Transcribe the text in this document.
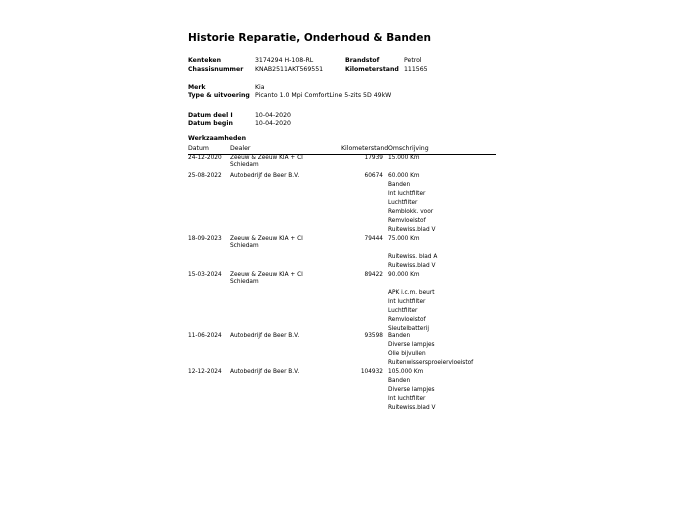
Historie Reparatie, Onderhoud & Banden
Kenteken	3174294 H-108-RL	Brandstof	Petrol
Chassisnummer KNAB2511AKT569551	Kilometerstand 111565
Merk	Kia
Type & uitvoering Picanto 1.0 Mpi ComfortLine 5-zits 5D 49kW
Datum deel I	10-04-2020
Datum begin	10-04-2020
Werkzaamheden
Datum	Dealer	Kilometerstand Omschrijving
24-12-2020 Zeeuw & Zeeuw KIA + CI
Schiedam
17939 15.000 Km
25-08-2022 Autobedrijf de Beer B.V.	60674 60.000 Km
Banden
Int luchtfilter
Luchtfilter
Remblokk. voor
Remvloeistof
Ruitewiss.blad V
18-09-2023 Zeeuw & Zeeuw KIA + CI
Schiedam
79444 75.000 Km
Ruitewiss. blad A
Ruitewiss.blad V
15-03-2024 Zeeuw & Zeeuw KIA + CI
Schiedam
89422 90.000 Km
APK i.c.m. beurt
Int luchtfilter
Luchtfilter
Remvloeistof
Sleutelbatterij
11-06-2024 Autobedrijf de Beer B.V.	93598 Banden
Diverse lampjes
Olie bijvullen
Ruitenwissersproeiervloeistof
12-12-2024 Autobedrijf de Beer B.V.	104932 105.000 Km
Banden
Diverse lampjes
Int luchtfilter
Ruitewiss.blad V
